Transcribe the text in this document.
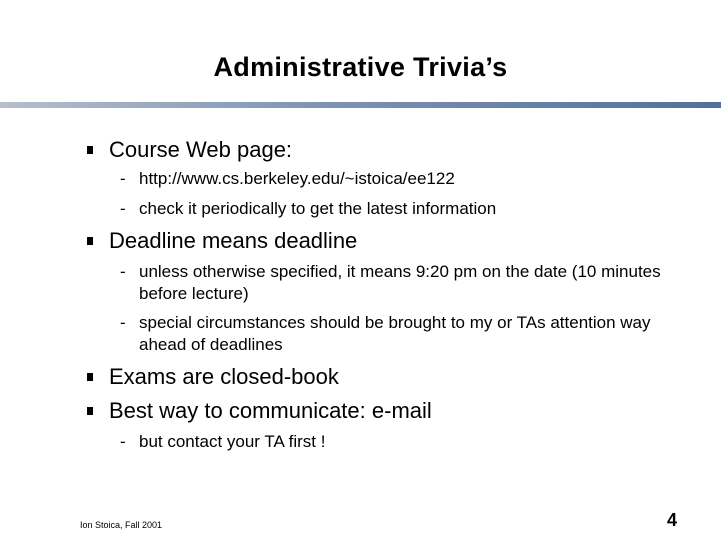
Administrative Trivia’s
Course Web page:
- http://www.cs.berkeley.edu/~istoica/ee122
- check it periodically to get the latest information
Deadline means deadline
- unless otherwise specified, it means 9:20 pm on the date (10 minutes before lecture)
- special circumstances should be brought to my or TAs attention way ahead of deadlines
Exams are closed-book
Best way to communicate: e-mail
- but contact your TA first !
Ion Stoica, Fall 2001	4
